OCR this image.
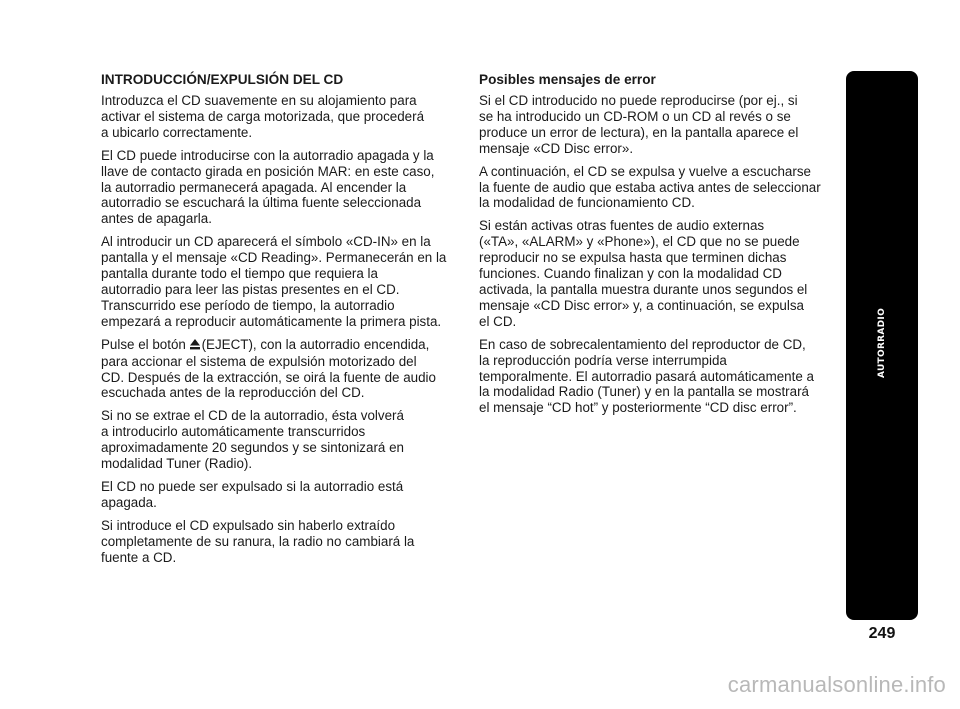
INTRODUCCIÓN/EXPULSIÓN DEL CD

Introduzca el CD suavemente en su alojamiento para
activar el sistema de carga motorizada, que procederá
a ubicarlo correctamente.

El CD puede introducirse con la autorradio apagada y la
llave de contacto girada en posición MAR: en este caso,
la autorradio permanecerá apagada. Al encender la
autorradio se escuchará la última fuente seleccionada
antes de apagarla.

Al introducir un CD aparecerá el símbolo «CD-IN» en la
pantalla y el mensaje «CD Reading». Permanecerán en la
pantalla durante todo el tiempo que requiera la
autorradio para leer las pistas presentes en el CD.
Transcurrido ese período de tiempo, la autorradio
empezará a reproducir automáticamente la primera pista.

Pulse el botón (EJECT), con la autorradio encendida,
para accionar el sistema de expulsión motorizado del
CD. Después de la extracción, se oirá la fuente de audio
escuchada antes de la reproducción del CD.

Si no se extrae el CD de la autorradio, ésta volverá
a introducirlo automáticamente transcurridos
aproximadamente 20 segundos y se sintonizará en
modalidad Tuner (Radio).

El CD no puede ser expulsado si la autorradio está
apagada.

Si introduce el CD expulsado sin haberlo extraído
completamente de su ranura, la radio no cambiará la
fuente a CD.

Posibles mensajes de error

Si el CD introducido no puede reproducirse (por ej., si
se ha introducido un CD-ROM o un CD al revés o se
produce un error de lectura), en la pantalla aparece el
mensaje «CD Disc error».

A continuación, el CD se expulsa y vuelve a escucharse
la fuente de audio que estaba activa antes de seleccionar
la modalidad de funcionamiento CD.

Si están activas otras fuentes de audio externas
(«TA», «ALARM» y «Phone»), el CD que no se puede
reproducir no se expulsa hasta que terminen dichas
funciones. Cuando finalizan y con la modalidad CD
activada, la pantalla muestra durante unos segundos el
mensaje «CD Disc error» y, a continuación, se expulsa
el CD.

En caso de sobrecalentamiento del reproductor de CD,
la reproducción podría verse interrumpida
temporalmente. El autorradio pasará automáticamente a
la modalidad Radio (Tuner) y en la pantalla se mostrará
el mensaje “CD hot” y posteriormente “CD disc error”.

AUTORRADIO
249
carmanualsonline.info
